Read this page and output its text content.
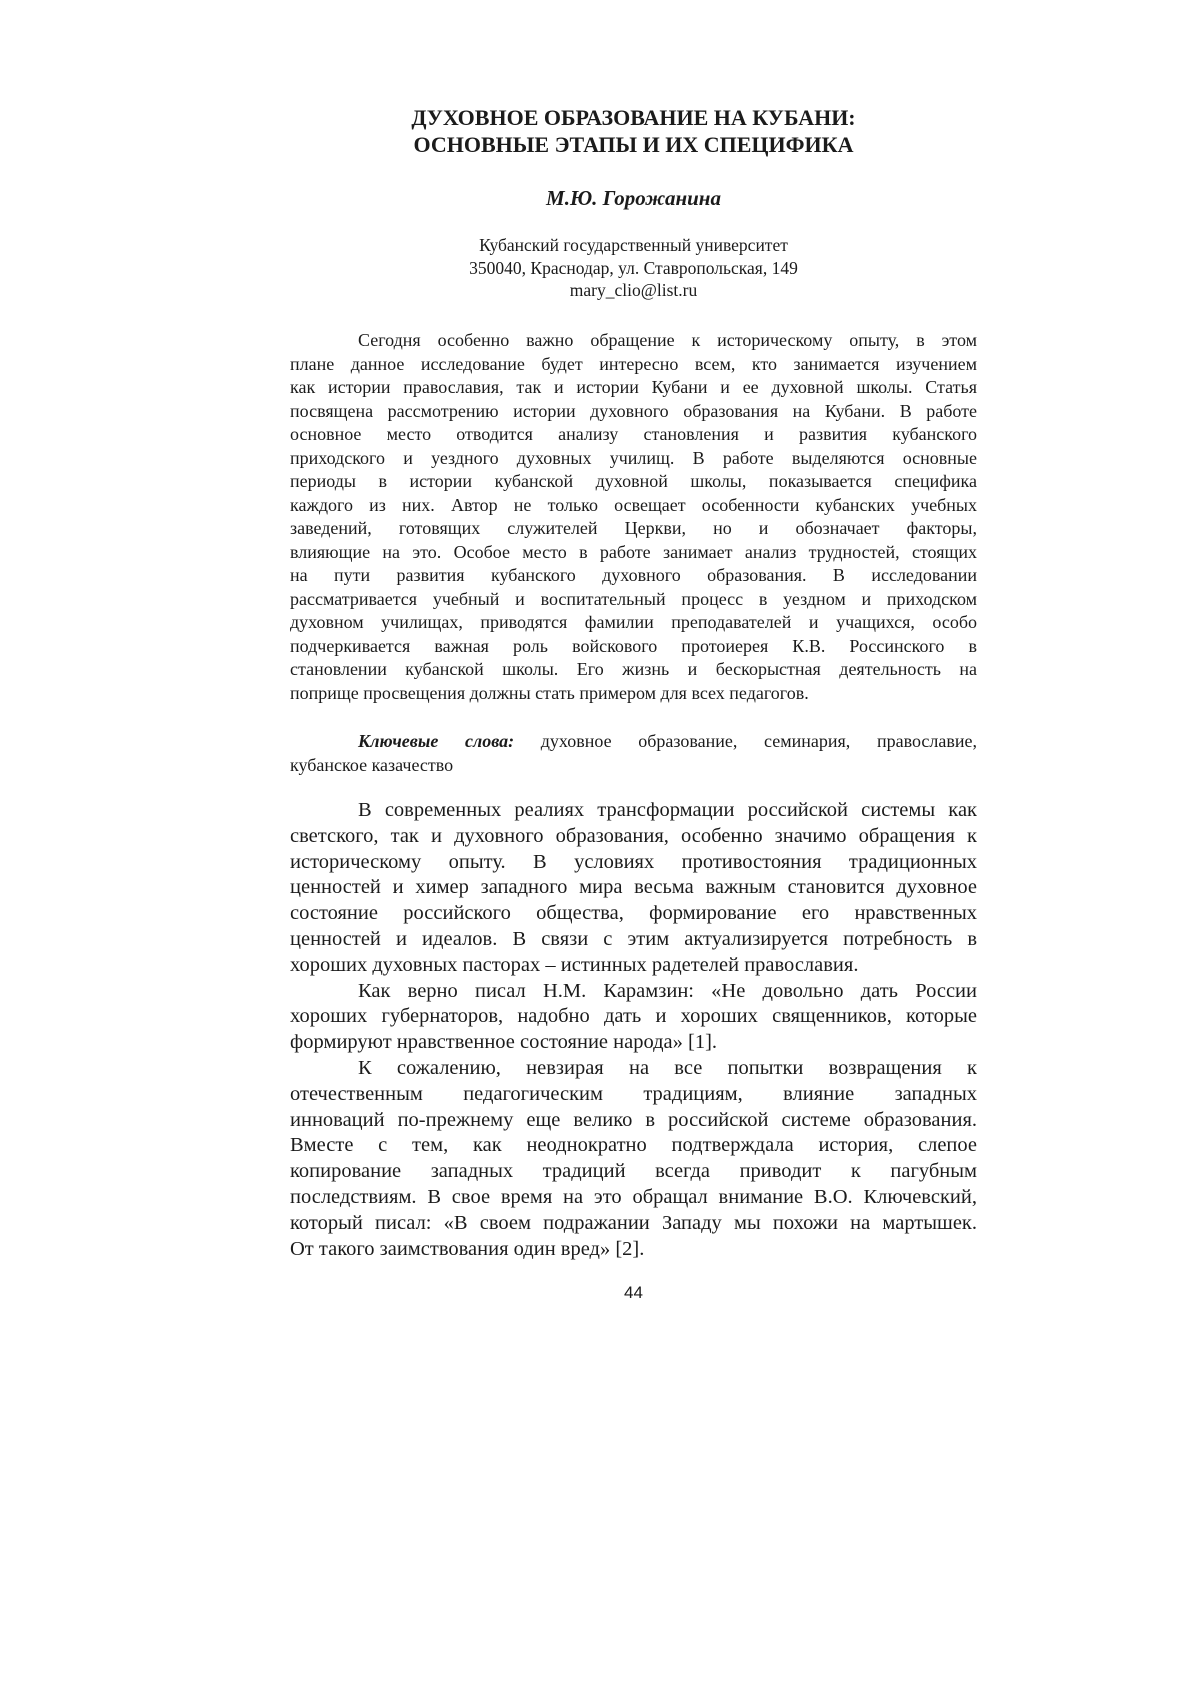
ДУХОВНОЕ ОБРАЗОВАНИЕ НА КУБАНИ:
ОСНОВНЫЕ ЭТАПЫ И ИХ СПЕЦИФИКА
М.Ю. Горожанина
Кубанский государственный университет
350040, Краснодар, ул. Ставропольская, 149
mary_clio@list.ru
Сегодня особенно важно обращение к историческому опыту, в этом
плане данное исследование будет интересно всем, кто занимается изучением
как истории православия, так и истории Кубани и ее духовной школы. Статья
посвящена рассмотрению истории духовного образования на Кубани. В работе
основное место отводится анализу становления и развития кубанского
приходского и уездного духовных училищ. В работе выделяются основные
периоды в истории кубанской духовной школы, показывается специфика
каждого из них. Автор не только освещает особенности кубанских учебных
заведений, готовящих служителей Церкви, но и обозначает факторы,
влияющие на это. Особое место в работе занимает анализ трудностей, стоящих
на пути развития кубанского духовного образования. В исследовании
рассматривается учебный и воспитательный процесс в уездном и приходском
духовном училищах, приводятся фамилии преподавателей и учащихся, особо
подчеркивается важная роль войскового протоиерея К.В. Россинского в
становлении кубанской школы. Его жизнь и бескорыстная деятельность на
поприще просвещения должны стать примером для всех педагогов.
Ключевые слова: духовное образование, семинария, православие,
кубанское казачество
В современных реалиях трансформации российской системы как
светского, так и духовного образования, особенно значимо обращения к
историческому опыту. В условиях противостояния традиционных
ценностей и химер западного мира весьма важным становится духовное
состояние российского общества, формирование его нравственных
ценностей и идеалов. В связи с этим актуализируется потребность в
хороших духовных пасторах – истинных радетелей православия.
Как верно писал Н.М. Карамзин: «Не довольно дать России
хороших губернаторов, надобно дать и хороших священников, которые
формируют нравственное состояние народа» [1].
К сожалению, невзирая на все попытки возвращения к
отечественным педагогическим традициям, влияние западных
инноваций по-прежнему еще велико в российской системе образования.
Вместе с тем, как неоднократно подтверждала история, слепое
копирование западных традиций всегда приводит к пагубным
последствиям. В свое время на это обращал внимание В.О. Ключевский,
который писал: «В своем подражании Западу мы похожи на мартышек.
От такого заимствования один вред» [2].
44
